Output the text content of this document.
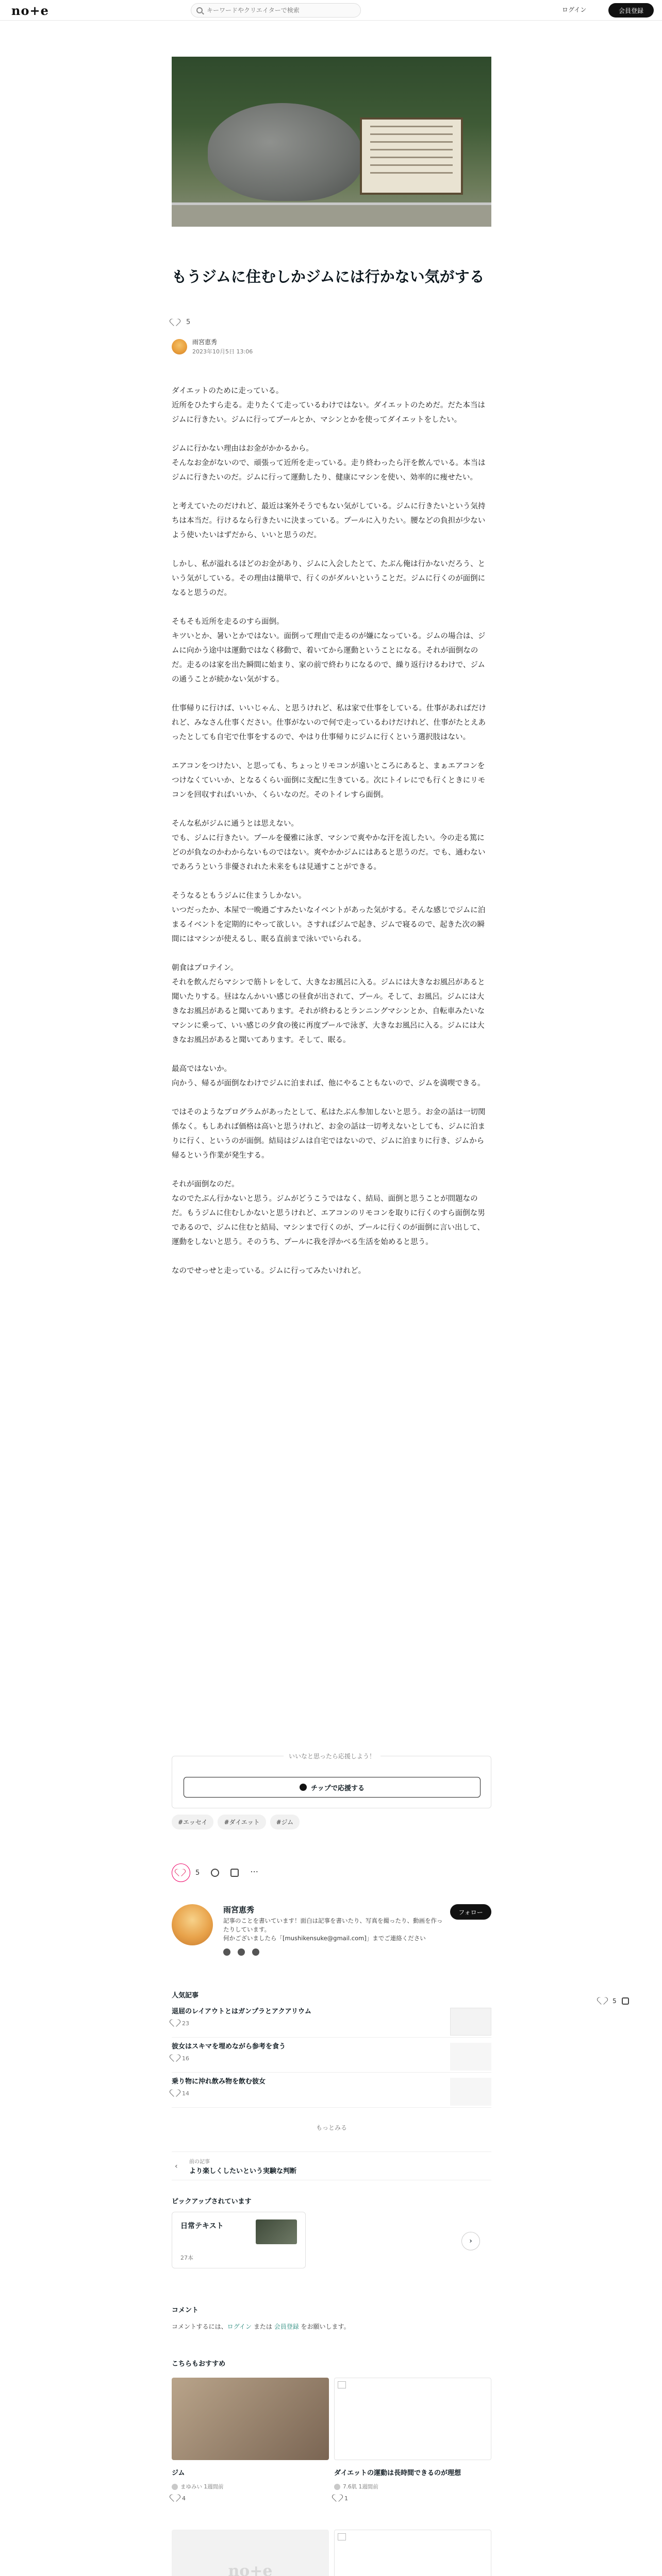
no+e
キーワードやクリエイターで検索	ログイン	会員登録
もうジムに住むしかジムには行かない気がする
5
雨宮恵秀
2023年10月5日 13:06

ダイエットのために走っている。
近所をひたすら走る。走りたくて走っているわけではない。ダイエットのためだ。だた本当はジムに行きたい。ジムに行ってプールとか、マシンとかを使ってダイエットをしたい。

ジムに行かない理由はお金がかかるから。
そんなお金がないので、頑張って近所を走っている。走り終わったら汗を飲んでいる。本当はジムに行きたいのだ。ジムに行って運動したり、健康にマシンを使い、効率的に痩せたい。

と考えていたのだけれど、最近は案外そうでもない気がしている。ジムに行きたいという気持ちは本当だ。行けるなら行きたいに決まっている。プールに入りたい。腰などの負担が少ないよう使いたいはずだから、いいと思うのだ。

しかし、私が溢れるほどのお金があり、ジムに入会したとて、たぶん俺は行かないだろう、という気がしている。その理由は簡単で、行くのがダルいということだ。ジムに行くのが面倒になると思うのだ。

そもそも近所を走るのすら面倒。
キツいとか、暑いとかではない。面倒って理由で走るのが嫌になっている。ジムの場合は、ジムに向かう途中は運動ではなく移動で、着いてから運動ということになる。それが面倒なのだ。走るのは家を出た瞬間に始まり、家の前で終わりになるので、繰り返行けるわけで、ジムの通うことが続かない気がする。

仕事帰りに行けば、いいじゃん、と思うけれど、私は家で仕事をしている。仕事があればだけれど、みなさん仕事ください。仕事がないので何で走っているわけだけれど、仕事がたとえあったとしても自宅で仕事をするので、やはり仕事帰りにジムに行くという選択肢はない。

エアコンをつけたい、と思っても、ちょっとリモコンが遠いところにあると、まぁエアコンをつけなくていいか、となるくらい面倒に支配に生きている。次にトイレにでも行くときにリモコンを回収すればいいか、くらいなのだ。そのトイレすら面倒。

そんな私がジムに通うとは思えない。
でも、ジムに行きたい。プールを優雅に泳ぎ、マシンで爽やかな汗を流したい。今の走る篤にどのが負なのかわからないものではない。爽やかかジムにはあると思うのだ。でも、通わないであろうという非優されれた未来をもは見通すことができる。

そうなるともうジムに住まうしかない。
いつだったか、本屋で一晩過ごすみたいなイベントがあった気がする。そんな感じでジムに泊まるイベントを定期的にやって欲しい。さすればジムで起き、ジムで寝るので、起きた次の瞬間にはマシンが使えるし、眠る直前まで泳いでいられる。

朝食はプロテイン。
それを飲んだらマシンで筋トレをして、大きなお風呂に入る。ジムには大きなお風呂があると聞いたりする。昼はなんかいい感じの昼食が出されて、プール。そして、お風呂。ジムには大きなお風呂があると聞いてあります。それが終わるとランニングマシンとか、自転車みたいなマシンに乗って、いい感じの夕食の後に再度プールで泳ぎ、大きなお風呂に入る。ジムには大きなお風呂があると聞いてあります。そして、眠る。

最高ではないか。
向かう、帰るが面倒なわけでジムに泊まれば、他にやることもないので、ジムを満喫できる。

ではそのようなプログラムがあったとして、私はたぶん参加しないと思う。お金の話は一切関係なく。もしあれば価格は高いと思うけれど、お金の話は一切考えないとしても、ジムに泊まりに行く、というのが面倒。結局はジムは自宅ではないので、ジムに泊まりに行き、ジムから帰るという作業が発生する。

それが面倒なのだ。
なのでたぶん行かないと思う。ジムがどうこうではなく、結局、面倒と思うことが問題なのだ。もうジムに住むしかないと思うけれど、エアコンのリモコンを取りに行くのすら面倒な男であるので、ジムに住むと結局、マシンまで行くのが、プールに行くのが面倒に言い出して、運動をしないと思う。そのうち、プールに我を浮かべる生活を始めると思う。

なのでせっせと走っている。ジムに行ってみたいけれど。

いいなと思ったら応援しよう！
チップで応援する
#エッセイ	#ダイエット	#ジム
5	⋯
雨宮恵秀
記事のことを書いています！面白は記事を書いたり、写真を撮ったり、動画を作ったりしています。
何かございましたら「[mushikensuke@gmail.com]」までご連絡ください
フォロー
5
人気記事
退屈のレイアウトとはガンプラとアクアリウム
23
彼女はスキマを埋めながら参考を食う
16
乗り物に沖れ飲み物を飲む彼女
14
もっとみる
‹
前の記事
より楽しくしたいという実験な判断
ピックアップされています
日常テキスト
27本
›
コメント
コメントするには、ログイン または 会員登録 をお願いします。
こちらもおすすめ
ジム
まゆみい 1週間前
4
ダイエットの運動は長時間できるのが理想
7.6肌 1週間前
1
no+e
